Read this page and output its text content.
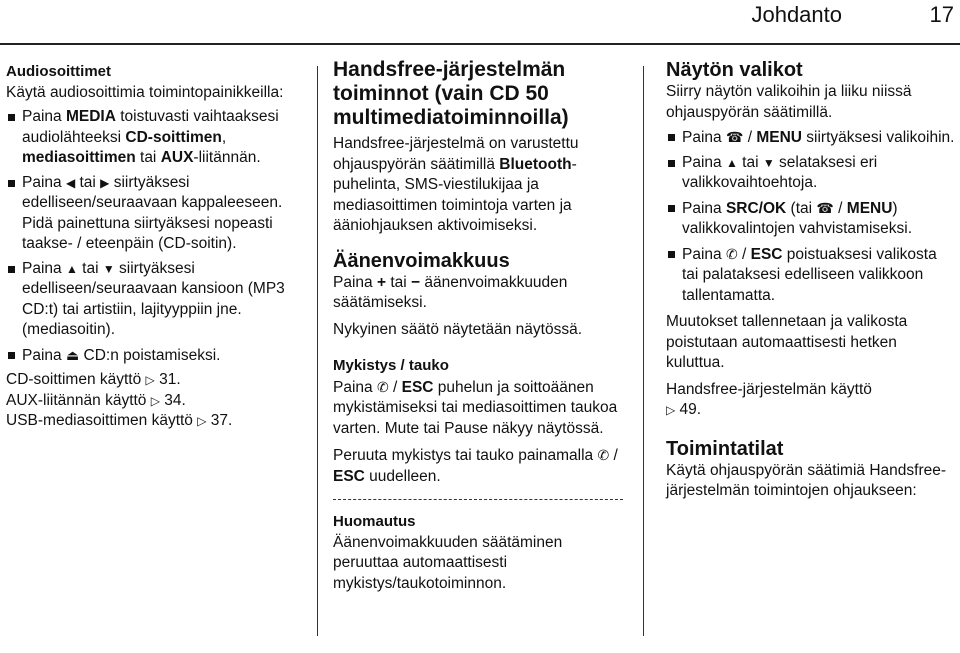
Johdanto	17

Audiosoittimet

Käytä audiosoittimia toimintopainikkeilla:

Paina MEDIA toistuvasti vaihtaaksesi audiolähteeksi CD-soittimen, mediasoittimen tai AUX-liitännän.

Paina ◀ tai ▶ siirtyäksesi edelliseen/seuraavaan kappaleeseen.

Pidä painettuna siirtyäksesi nopeasti taakse- / eteenpäin (CD-soitin).

Paina ▲ tai ▼ siirtyäksesi edelliseen/seuraavaan kansioon (MP3 CD:t) tai artistiin, lajityyppiin jne. (mediasoitin).

Paina ⏏ CD:n poistamiseksi.

CD-soittimen käyttö ▷ 31.

AUX-liitännän käyttö ▷ 34.

USB-mediasoittimen käyttö ▷ 37.

Handsfree-järjestelmän toiminnot (vain CD 50 multimediatoiminnoilla)

Handsfree-järjestelmä on varustettu ohjauspyörän säätimillä Bluetooth-puhelinta, SMS-viestilukijaa ja mediasoittimen toimintoja varten ja ääniohjauksen aktivoimiseksi.

Äänenvoimakkuus

Paina + tai − äänenvoimakkuuden säätämiseksi.

Nykyinen säätö näytetään näytössä.

Mykistys / tauko

Paina ✆ / ESC puhelun ja soittoäänen mykistämiseksi tai mediasoittimen taukoa varten. Mute tai Pause näkyy näytössä.

Peruuta mykistys tai tauko painamalla ✆ / ESC uudelleen.

Huomautus

Äänenvoimakkuuden säätäminen peruuttaa automaattisesti mykistys/taukotoiminnon.

Näytön valikot

Siirry näytön valikoihin ja liiku niissä ohjauspyörän säätimillä.

Paina ☎ / MENU siirtyäksesi valikoihin.

Paina ▲ tai ▼ selataksesi eri valikkovaihtoehtoja.

Paina SRC/OK (tai ☎ / MENU) valikkovalintojen vahvistamiseksi.

Paina ✆ / ESC poistuaksesi valikosta tai palataksesi edelliseen valikkoon tallentamatta.

Muutokset tallennetaan ja valikosta poistutaan automaattisesti hetken kuluttua.

Handsfree-järjestelmän käyttö
▷ 49.

Toimintatilat

Käytä ohjauspyörän säätimiä Handsfree-järjestelmän toimintojen ohjaukseen:
